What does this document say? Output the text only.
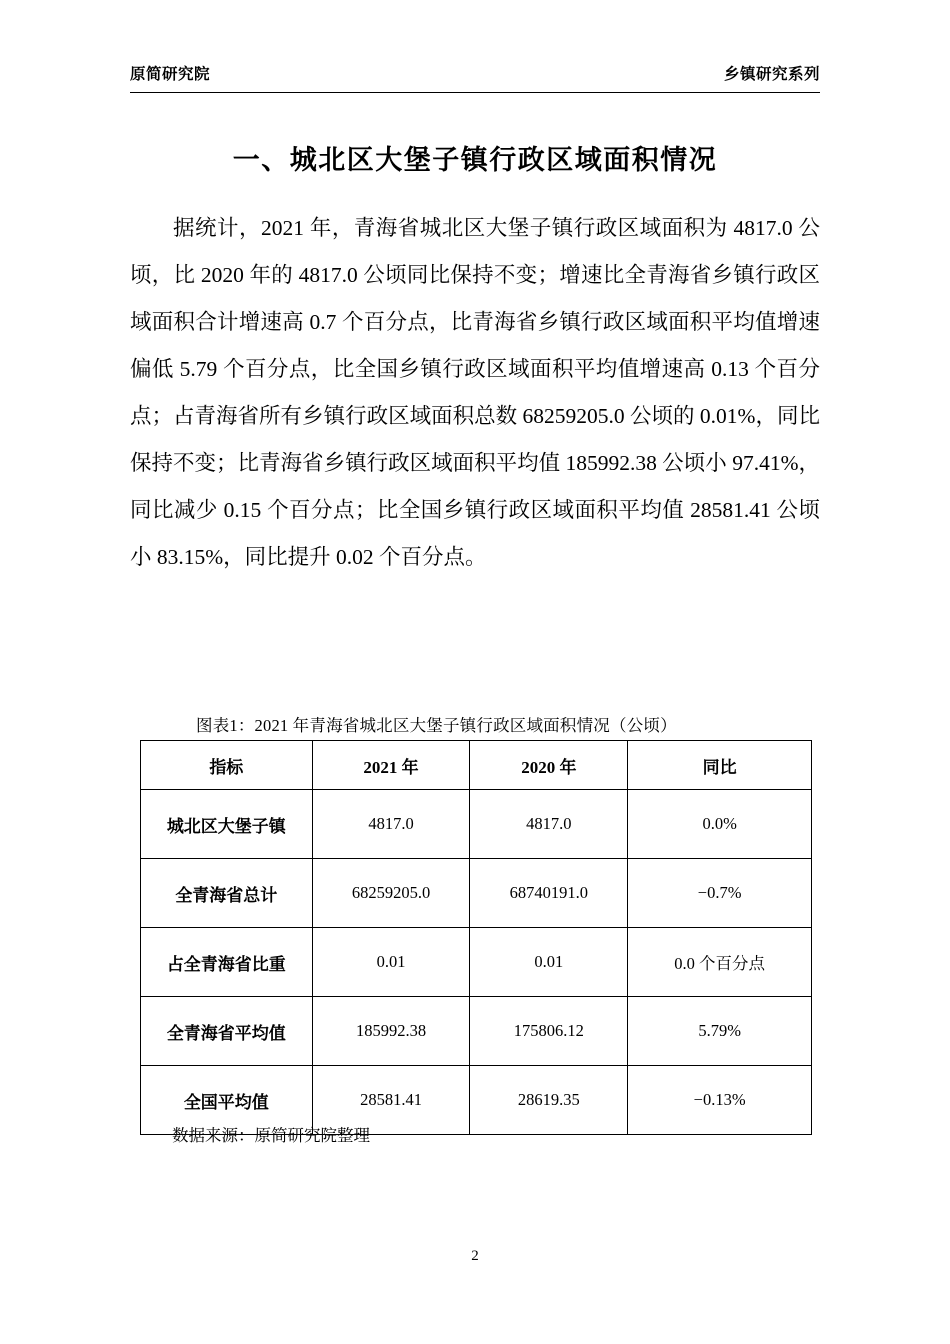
原简研究院	乡镇研究系列
一、城北区大堡子镇行政区域面积情况
据统计，2021 年，青海省城北区大堡子镇行政区域面积为 4817.0 公顷，比 2020 年的 4817.0 公顷同比保持不变；增速比全青海省乡镇行政区域面积合计增速高 0.7 个百分点，比青海省乡镇行政区域面积平均值增速偏低 5.79 个百分点，比全国乡镇行政区域面积平均值增速高 0.13 个百分点；占青海省所有乡镇行政区域面积总数 68259205.0 公顷的 0.01%，同比保持不变；比青海省乡镇行政区域面积平均值 185992.38 公顷小 97.41%，同比减少 0.15 个百分点；比全国乡镇行政区域面积平均值 28581.41 公顷小 83.15%，同比提升 0.02 个百分点。
图表1：2021 年青海省城北区大堡子镇行政区域面积情况（公顷）
指标	2021 年	2020 年	同比
城北区大堡子镇	4817.0	4817.0	0.0%
全青海省总计	68259205.0	68740191.0	−0.7%
占全青海省比重	0.01	0.01	0.0 个百分点
全青海省平均值	185992.38	175806.12	5.79%
全国平均值	28581.41	28619.35	−0.13%
数据来源：原简研究院整理
2
